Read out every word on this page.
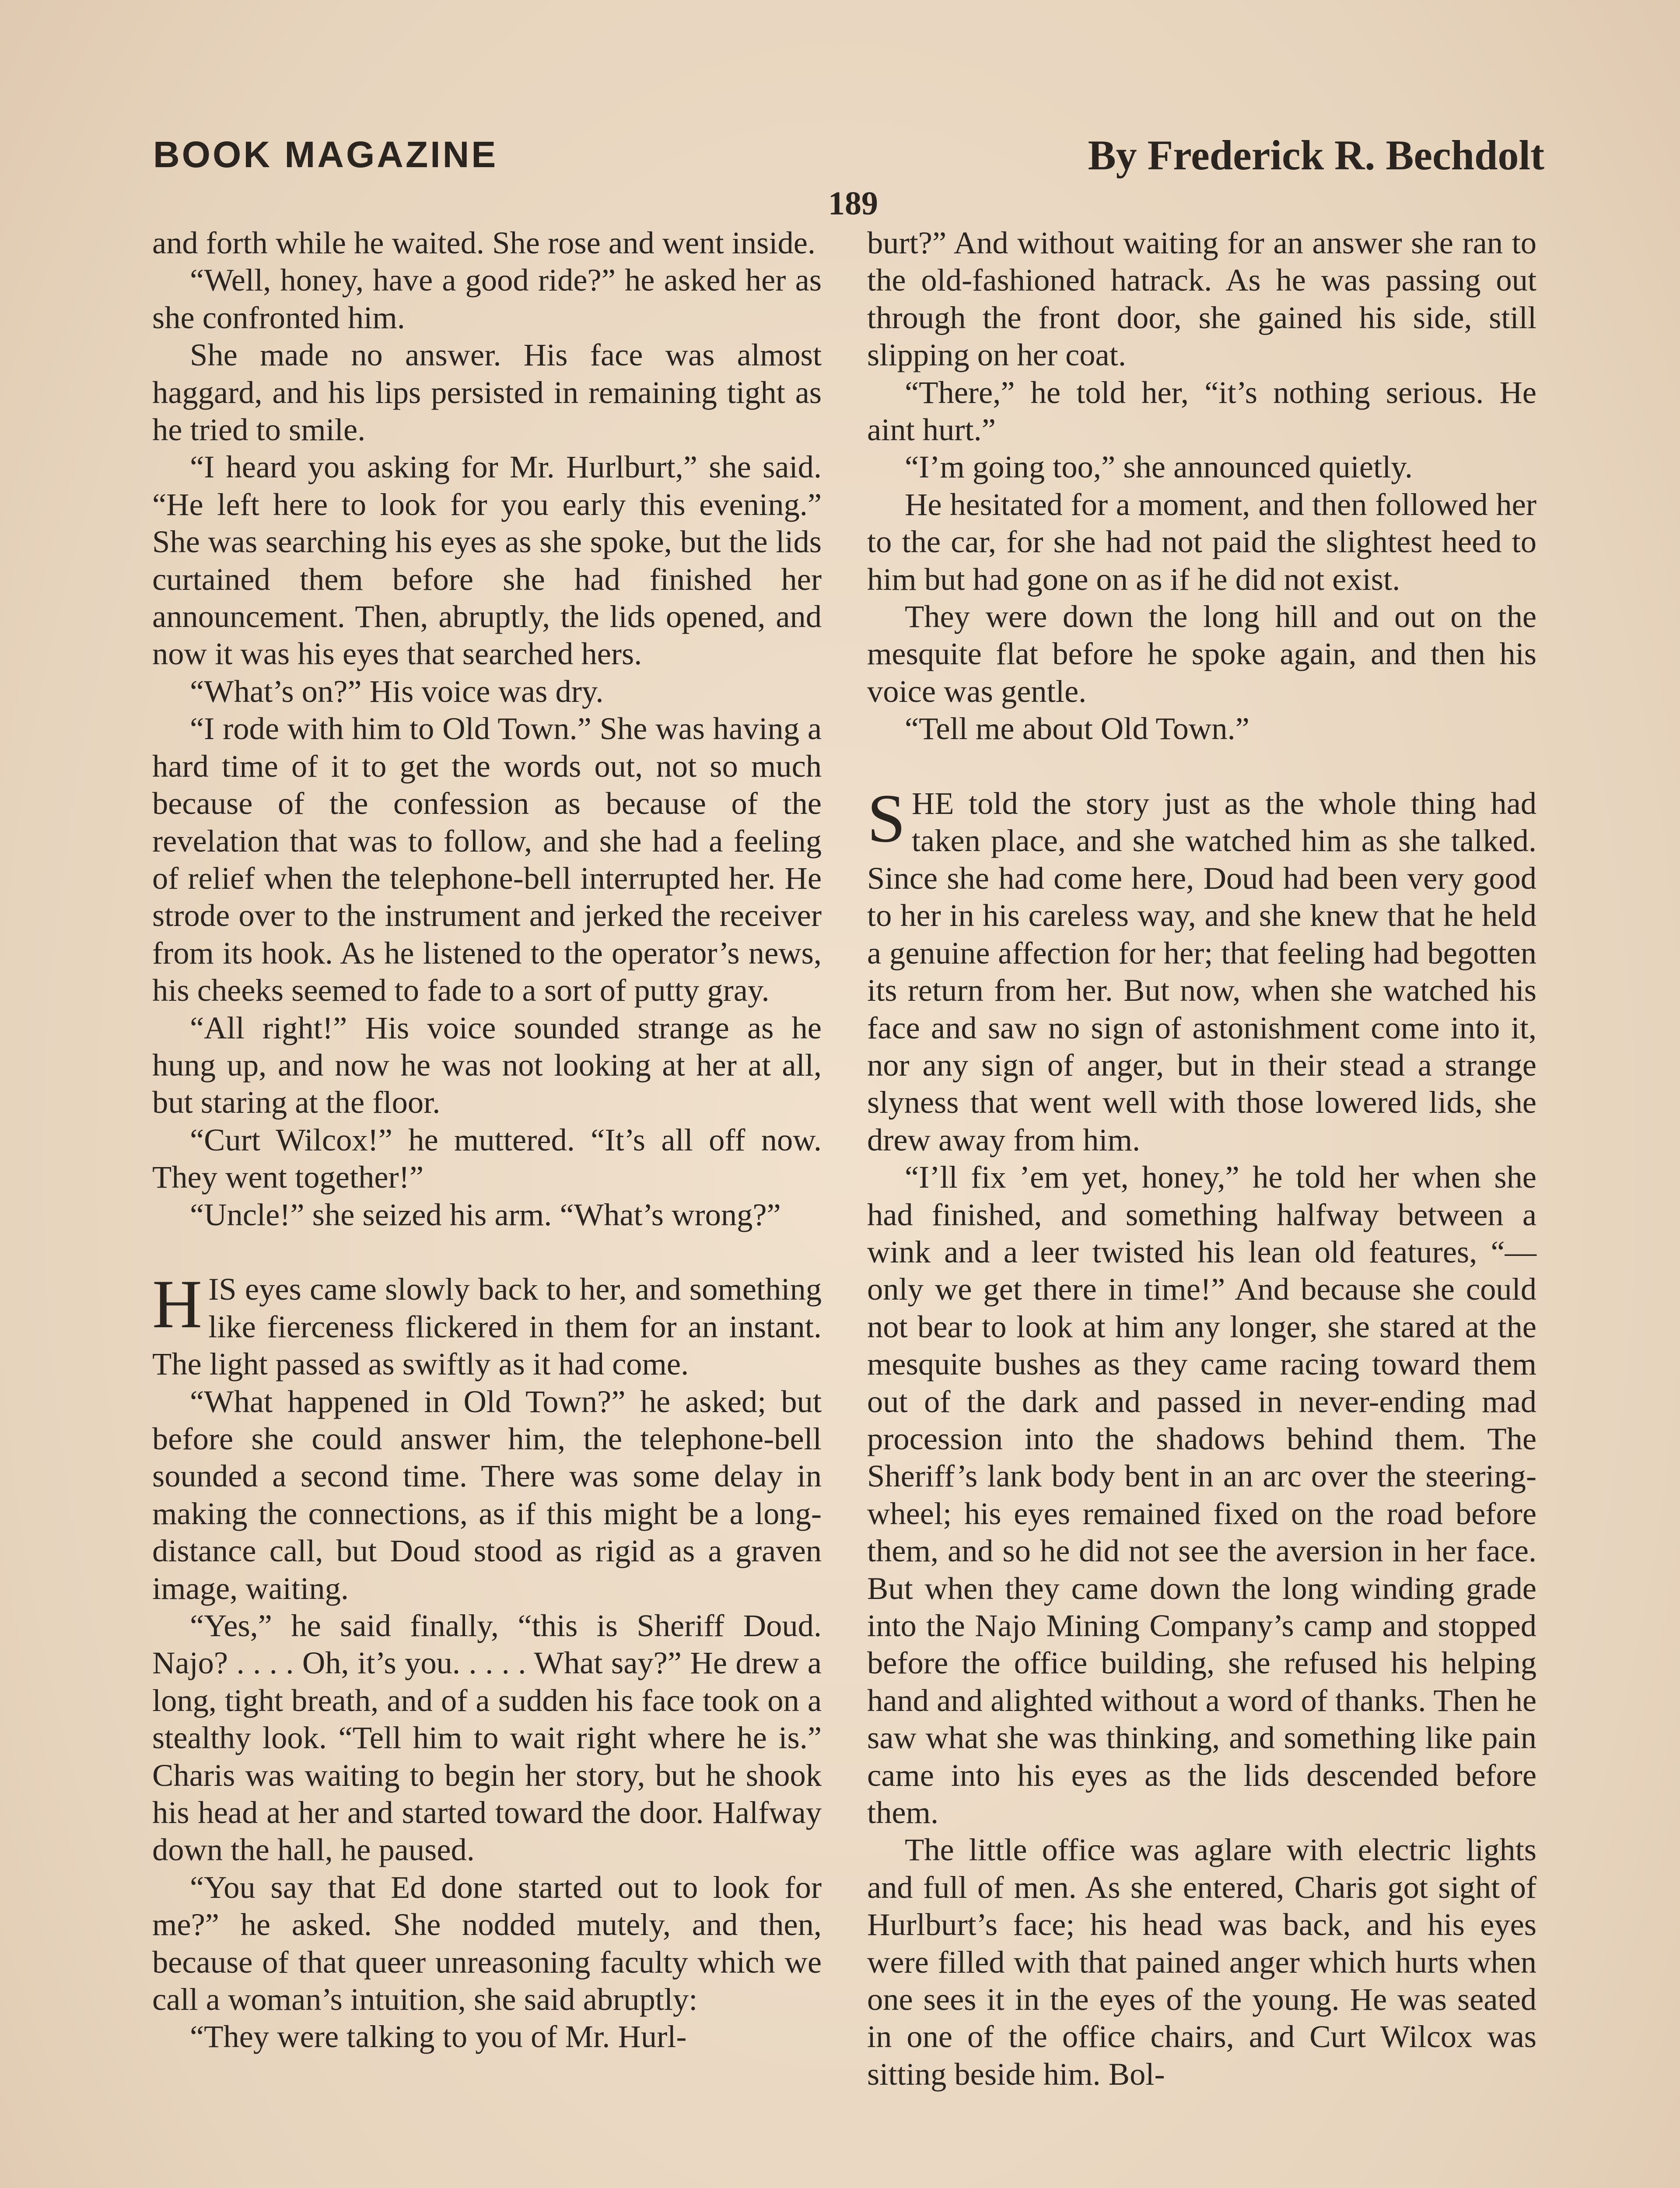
BOOK MAGAZINE	By Frederick R. Bechdolt
189

and forth while he waited. She rose and went inside.

“Well, honey, have a good ride?” he asked her as she confronted him.

She made no answer. His face was almost haggard, and his lips persisted in remaining tight as he tried to smile.

“I heard you asking for Mr. Hurlburt,” she said. “He left here to look for you early this evening.” She was searching his eyes as she spoke, but the lids curtained them before she had finished her announcement. Then, abruptly, the lids opened, and now it was his eyes that searched hers.

“What’s on?” His voice was dry.

“I rode with him to Old Town.” She was having a hard time of it to get the words out, not so much because of the confession as because of the revelation that was to follow, and she had a feeling of relief when the telephone-bell interrupted her. He strode over to the instrument and jerked the receiver from its hook. As he listened to the operator’s news, his cheeks seemed to fade to a sort of putty gray.

“All right!” His voice sounded strange as he hung up, and now he was not looking at her at all, but staring at the floor.

“Curt Wilcox!” he muttered. “It’s all off now. They went together!”

“Uncle!” she seized his arm. “What’s wrong?”

HIS eyes came slowly back to her, and something like fierceness flickered in them for an instant. The light passed as swiftly as it had come.

“What happened in Old Town?” he asked; but before she could answer him, the telephone-bell sounded a second time. There was some delay in making the connections, as if this might be a long-distance call, but Doud stood as rigid as a graven image, waiting.

“Yes,” he said finally, “this is Sheriff Doud. Najo? . . . . Oh, it’s you. . . . . What say?” He drew a long, tight breath, and of a sudden his face took on a stealthy look. “Tell him to wait right where he is.” Charis was waiting to begin her story, but he shook his head at her and started toward the door. Halfway down the hall, he paused.

“You say that Ed done started out to look for me?” he asked. She nodded mutely, and then, because of that queer unreasoning faculty which we call a woman’s intuition, she said abruptly:

“They were talking to you of Mr. Hurl-

burt?” And without waiting for an answer she ran to the old-fashioned hatrack. As he was passing out through the front door, she gained his side, still slipping on her coat.

“There,” he told her, “it’s nothing serious. He aint hurt.”

“I’m going too,” she announced quietly.

He hesitated for a moment, and then followed her to the car, for she had not paid the slightest heed to him but had gone on as if he did not exist.

They were down the long hill and out on the mesquite flat before he spoke again, and then his voice was gentle.

“Tell me about Old Town.”

SHE told the story just as the whole thing had taken place, and she watched him as she talked. Since she had come here, Doud had been very good to her in his careless way, and she knew that he held a genuine affection for her; that feeling had begotten its return from her. But now, when she watched his face and saw no sign of astonishment come into it, nor any sign of anger, but in their stead a strange slyness that went well with those lowered lids, she drew away from him.

“I’ll fix ’em yet, honey,” he told her when she had finished, and something halfway between a wink and a leer twisted his lean old features, “—only we get there in time!” And because she could not bear to look at him any longer, she stared at the mesquite bushes as they came racing toward them out of the dark and passed in never-ending mad procession into the shadows behind them. The Sheriff’s lank body bent in an arc over the steering-wheel; his eyes remained fixed on the road before them, and so he did not see the aversion in her face. But when they came down the long winding grade into the Najo Mining Company’s camp and stopped before the office building, she refused his helping hand and alighted without a word of thanks. Then he saw what she was thinking, and something like pain came into his eyes as the lids descended before them.

The little office was aglare with electric lights and full of men. As she entered, Charis got sight of Hurlburt’s face; his head was back, and his eyes were filled with that pained anger which hurts when one sees it in the eyes of the young. He was seated in one of the office chairs, and Curt Wilcox was sitting beside him. Bol-
